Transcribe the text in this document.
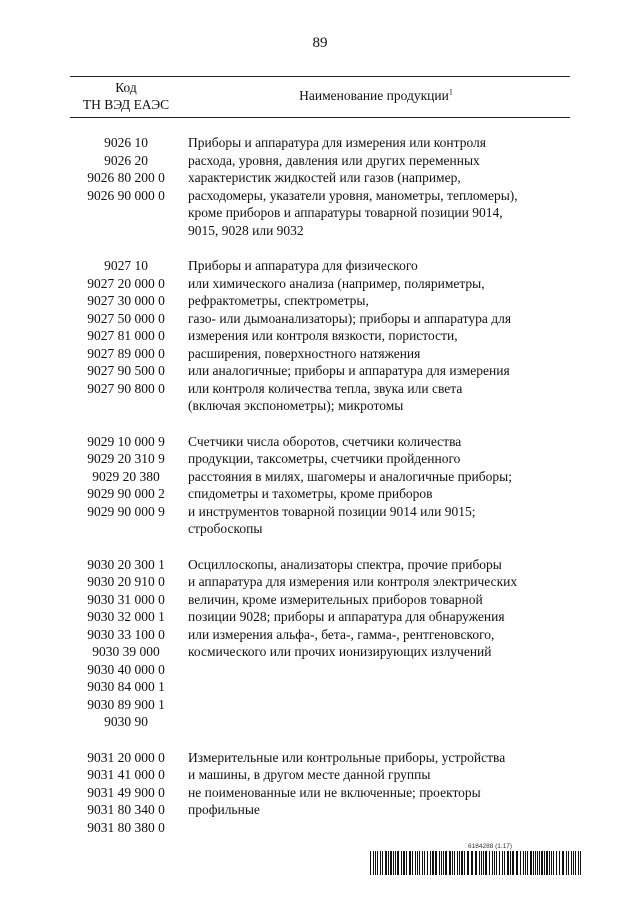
89
Код
ТН ВЭД ЕАЭС
Наименование продукции$^1$
9026 10
9026 20
9026 80 200 0
9026 90 000 0
Приборы и аппаратура для измерения или контроля
расхода, уровня, давления или других переменных
характеристик жидкостей или газов (например,
расходомеры, указатели уровня, манометры, тепломеры),
кроме приборов и аппаратуры товарной позиции 9014,
9015, 9028 или 9032
9027 10
9027 20 000 0
9027 30 000 0
9027 50 000 0
9027 81 000 0
9027 89 000 0
9027 90 500 0
9027 90 800 0
Приборы и аппаратура для физического
или химического анализа (например, поляриметры,
рефрактометры, спектрометры,
газо- или дымоанализаторы); приборы и аппаратура для
измерения или контроля вязкости, пористости,
расширения, поверхностного натяжения
или аналогичные; приборы и аппаратура для измерения
или контроля количества тепла, звука или света
(включая экспонометры); микротомы
9029 10 000 9
9029 20 310 9
9029 20 380
9029 90 000 2
9029 90 000 9
Счетчики числа оборотов, счетчики количества
продукции, таксометры, счетчики пройденного
расстояния в милях, шагомеры и аналогичные приборы;
спидометры и тахометры, кроме приборов
и инструментов товарной позиции 9014 или 9015;
стробоскопы
9030 20 300 1
9030 20 910 0
9030 31 000 0
9030 32 000 1
9030 33 100 0
9030 39 000
9030 40 000 0
9030 84 000 1
9030 89 900 1
9030 90
Осциллоскопы, анализаторы спектра, прочие приборы
и аппаратура для измерения или контроля электрических
величин, кроме измерительных приборов товарной
позиции 9028; приборы и аппаратура для обнаружения
или измерения альфа-, бета-, гамма-, рентгеновского,
космического или прочих ионизирующих излучений
9031 20 000 0
9031 41 000 0
9031 49 900 0
9031 80 340 0
9031 80 380 0
Измерительные или контрольные приборы, устройства
и машины, в другом месте данной группы
не поименованные или не включенные; проекторы
профильные
6184288 (1.17)
